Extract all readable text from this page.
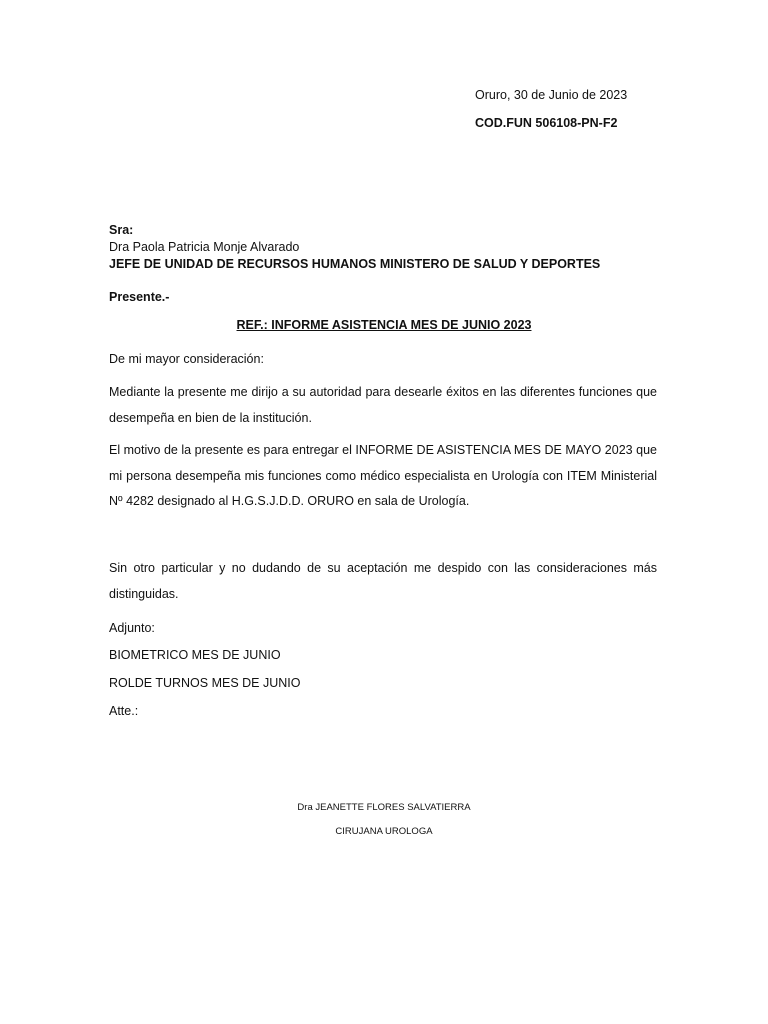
Oruro, 30 de Junio de 2023
COD.FUN 506108-PN-F2
Sra:
Dra Paola Patricia Monje Alvarado
JEFE DE UNIDAD DE RECURSOS HUMANOS MINISTERO DE SALUD Y DEPORTES
Presente.-
REF.: INFORME ASISTENCIA MES DE JUNIO 2023
De mi mayor consideración:
Mediante la presente me dirijo a su autoridad para desearle éxitos en las diferentes funciones que desempeña en bien de la institución.
El motivo de la presente es para entregar el INFORME DE ASISTENCIA MES DE MAYO 2023 que mi persona desempeña mis funciones como médico especialista en Urología con ITEM Ministerial Nº 4282 designado al H.G.S.J.D.D. ORURO en sala de Urología.
Sin otro particular y no dudando de su aceptación me despido con las consideraciones más distinguidas.
Adjunto:
BIOMETRICO MES DE JUNIO
ROLDE TURNOS MES DE JUNIO
Atte.:
Dra JEANETTE FLORES SALVATIERRA
CIRUJANA UROLOGA
